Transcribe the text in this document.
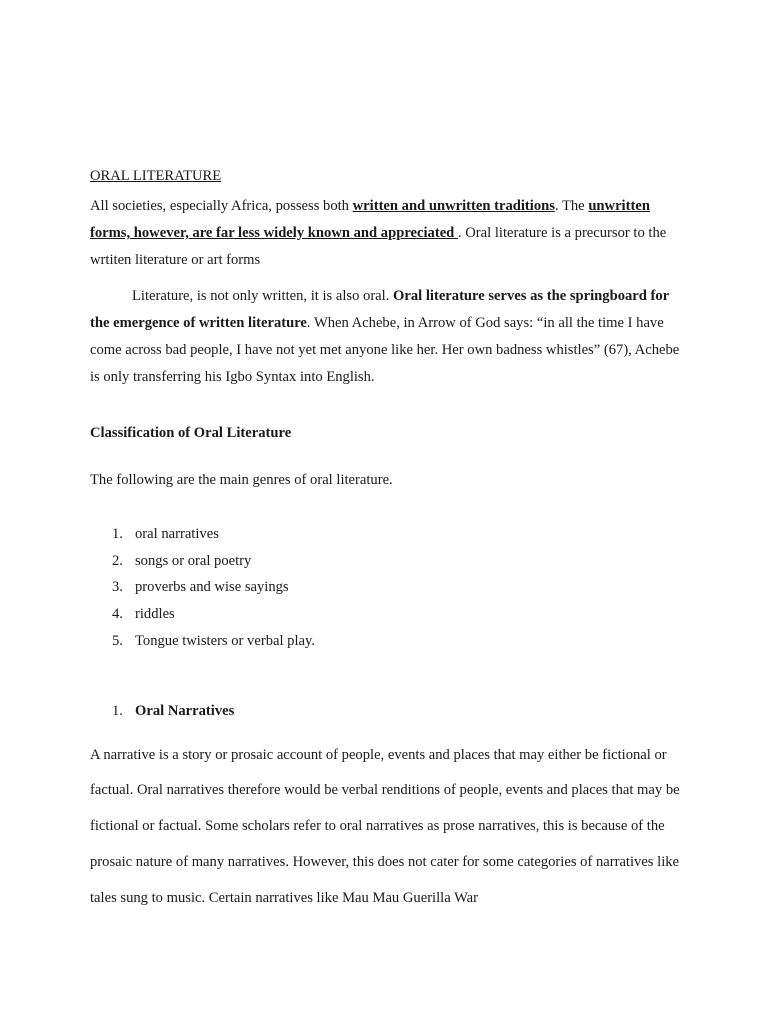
ORAL LITERATURE

All societies, especially Africa, possess both written and unwritten traditions. The unwritten forms, however, are far less widely known and appreciated . Oral literature is a precursor to the wrtiten literature or art forms

Literature, is not only written, it is also oral. Oral literature serves as the springboard for the emergence of written literature. When Achebe, in Arrow of God says: “in all the time I have come across bad people, I have not yet met anyone like her. Her own badness whistles” (67), Achebe is only transferring his Igbo Syntax into English.

Classification of Oral Literature

The following are the main genres of oral literature.

1. oral narratives
2. songs or oral poetry
3. proverbs and wise sayings
4. riddles
5. Tongue twisters or verbal play.

1. Oral Narratives

A narrative is a story or prosaic account of people, events and places that may either be fictional or factual. Oral narratives therefore would be verbal renditions of people, events and places that may be fictional or factual. Some scholars refer to oral narratives as prose narratives, this is because of the prosaic nature of many narratives. However, this does not cater for some categories of narratives like tales sung to music. Certain narratives like Mau Mau Guerilla War
